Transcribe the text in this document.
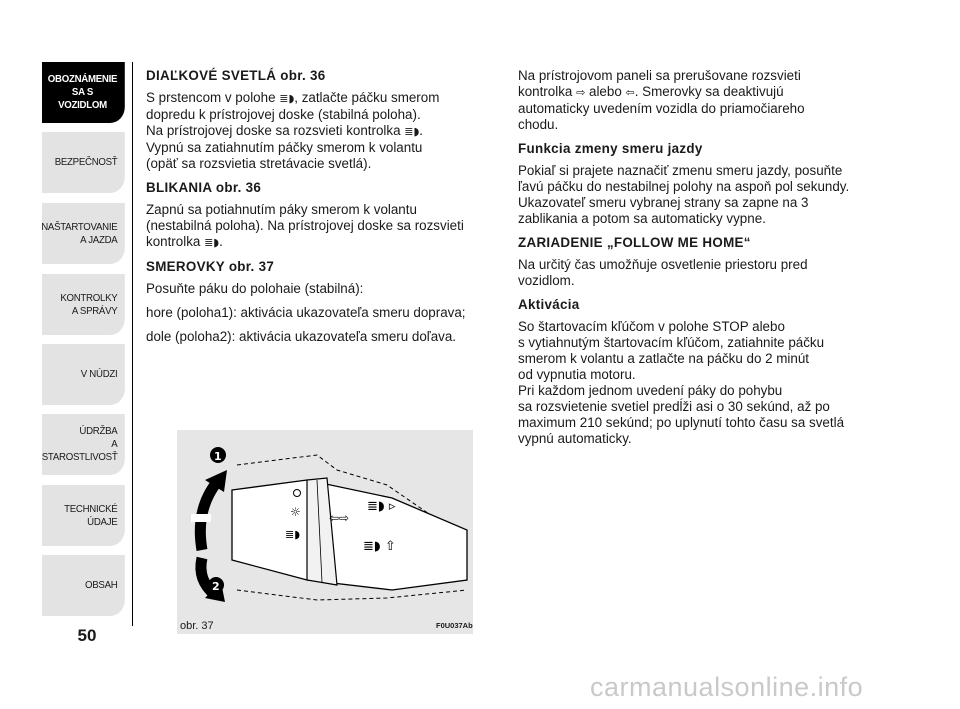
OBOZNÁMENIE
SA S VOZIDLOM
BEZPEČNOSŤ
NAŠTARTOVANIE
A JAZDA
KONTROLKY
A SPRÁVY
V NÚDZI
ÚDRŽBA
A STAROSTLIVOSŤ
TECHNICKÉ
ÚDAJE
OBSAH
50

DIAĽKOVÉ SVETLÁ obr. 36

S prstencom v polohe ≣◗, zatlačte páčku smerom
dopredu k prístrojovej doske (stabilná poloha).
Na prístrojovej doske sa rozsvieti kontrolka ≣◗.
Vypnú sa zatiahnutím páčky smerom k volantu
(opäť sa rozsvietia stretávacie svetlá).

BLIKANIA obr. 36

Zapnú sa potiahnutím páky smerom k volantu
(nestabilná poloha). Na prístrojovej doske sa rozsvieti
kontrolka ≣◗.

SMEROVKY obr. 37

Posuňte páku do polohaie (stabilná):

hore (poloha1): aktivácia ukazovateľa smeru doprava;

dole (poloha2): aktivácia ukazovateľa smeru doľava.

Na prístrojovom paneli sa prerušovane rozsvieti
kontrolka ⇨ alebo ⇦. Smerovky sa deaktivujú
automaticky uvedením vozidla do priamočiareho
chodu.

Funkcia zmeny smeru jazdy

Pokiaľ si prajete naznačiť zmenu smeru jazdy, posuňte
ľavú páčku do nestabilnej polohy na aspoň pol sekundy.
Ukazovateľ smeru vybranej strany sa zapne na 3
zablikania a potom sa automaticky vypne.

ZARIADENIE „FOLLOW ME HOME“

Na určitý čas umožňuje osvetlenie priestoru pred
vozidlom.

Aktivácia

So štartovacím kľúčom v polohe STOP alebo
s vytiahnutým štartovacím kľúčom, zatiahnite páčku
smerom k volantu a zatlačte na páčku do 2 minút
od vypnutia motoru.
Pri každom jednom uvedení páky do pohybu
sa rozsvietenie svetiel predĺži asi o 30 sekúnd, až po
maximum 210 sekúnd; po uplynutí tohto času sa svetlá
vypnú automaticky.

☼
≣◗
≣◗ ▹
⇦⇨
≣◗ ⇧
1
2
obr. 37	F0U037Ab
carmanualsonline.info
